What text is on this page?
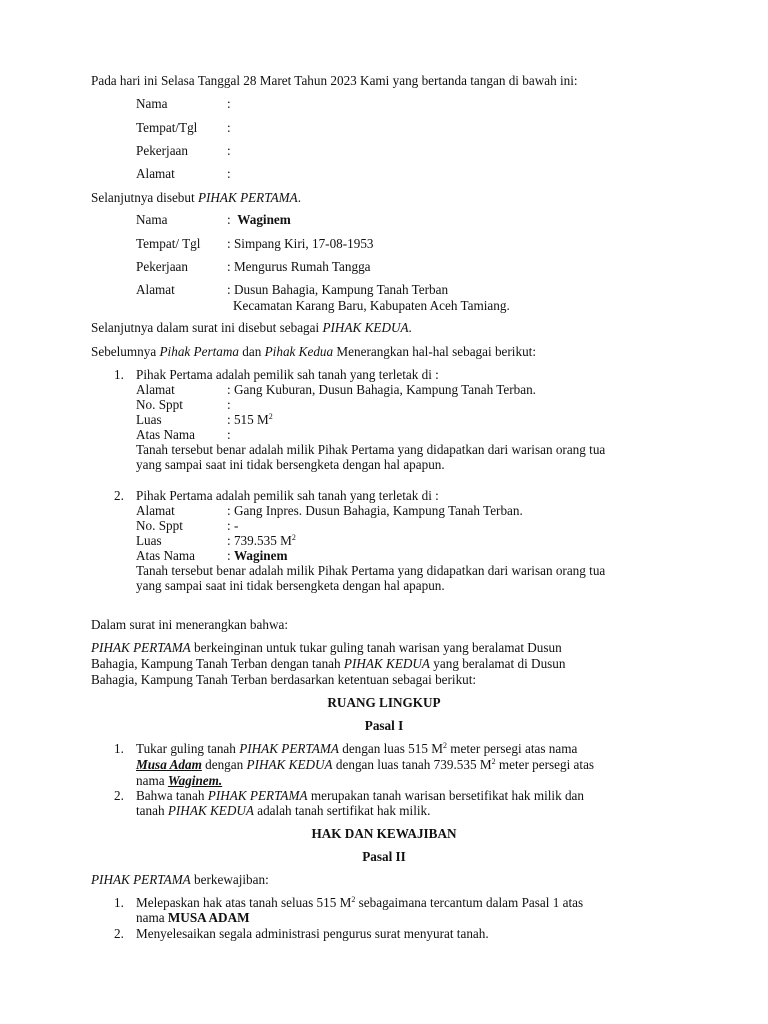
Pada hari ini Selasa Tanggal 28 Maret Tahun 2023 Kami yang bertanda tangan di bawah ini:
Nama	:
Tempat/Tgl :
Pekerjaan	:
Alamat	:
Selanjutnya disebut PIHAK PERTAMA.
Nama	: Waginem
Tempat/ Tgl : Simpang Kiri, 17-08-1953
Pekerjaan	: Mengurus Rumah Tangga
Alamat	: Dusun Bahagia, Kampung Tanah Terban
Kecamatan Karang Baru, Kabupaten Aceh Tamiang.
Selanjutnya dalam surat ini disebut sebagai PIHAK KEDUA.
Sebelumnya Pihak Pertama dan Pihak Kedua Menerangkan hal-hal sebagai berikut:
1. Pihak Pertama adalah pemilik sah tanah yang terletak di :
Alamat	: Gang Kuburan, Dusun Bahagia, Kampung Tanah Terban.
No. Sppt	:
Luas	: 515 $M^2$
Atas Nama :
Tanah tersebut benar adalah milik Pihak Pertama yang didapatkan dari warisan orang tua
yang sampai saat ini tidak bersengketa dengan hal apapun.
2. Pihak Pertama adalah pemilik sah tanah yang terletak di :
Alamat	: Gang Inpres. Dusun Bahagia, Kampung Tanah Terban.
No. Sppt	: -
Luas	: 739.535 $M^2$
Atas Nama : Waginem
Tanah tersebut benar adalah milik Pihak Pertama yang didapatkan dari warisan orang tua
yang sampai saat ini tidak bersengketa dengan hal apapun.
Dalam surat ini menerangkan bahwa:
PIHAK PERTAMA berkeinginan untuk tukar guling tanah warisan yang beralamat Dusun
Bahagia, Kampung Tanah Terban dengan tanah PIHAK KEDUA yang beralamat di Dusun
Bahagia, Kampung Tanah Terban berdasarkan ketentuan sebagai berikut:
RUANG LINGKUP
Pasal I
1. Tukar guling tanah PIHAK PERTAMA dengan luas 515 $M^2$ meter persegi atas nama
Musa Adam dengan PIHAK KEDUA dengan luas tanah 739.535 $M^2$ meter persegi atas
nama Waginem.
2. Bahwa tanah PIHAK PERTAMA merupakan tanah warisan bersetifikat hak milik dan
tanah PIHAK KEDUA adalah tanah sertifikat hak milik.
HAK DAN KEWAJIBAN
Pasal II
PIHAK PERTAMA berkewajiban:
1. Melepaskan hak atas tanah seluas 515 $M^2$ sebagaimana tercantum dalam Pasal 1 atas
nama MUSA ADAM
2. Menyelesaikan segala administrasi pengurus surat menyurat tanah.
